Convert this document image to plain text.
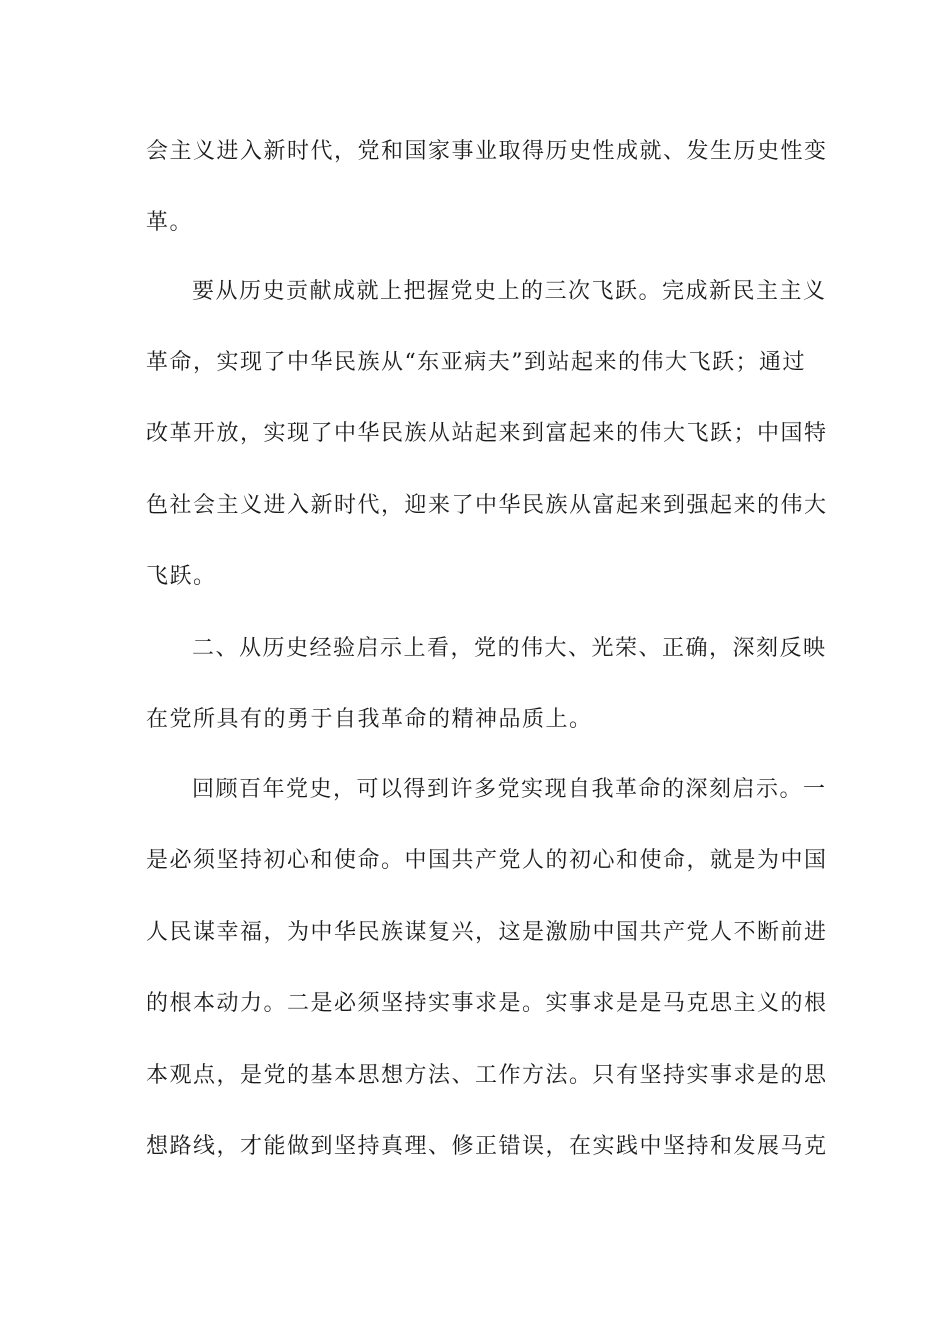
会主义进入新时代，党和国家事业取得历史性成就、发生历史性变
革。
要从历史贡献成就上把握党史上的三次飞跃。完成新民主主义
革命，实现了中华民族从“东亚病夫”到站起来的伟大飞跃；通过
改革开放，实现了中华民族从站起来到富起来的伟大飞跃；中国特
色社会主义进入新时代，迎来了中华民族从富起来到强起来的伟大
飞跃。
二、从历史经验启示上看，党的伟大、光荣、正确，深刻反映
在党所具有的勇于自我革命的精神品质上。
回顾百年党史，可以得到许多党实现自我革命的深刻启示。一
是必须坚持初心和使命。中国共产党人的初心和使命，就是为中国
人民谋幸福，为中华民族谋复兴，这是激励中国共产党人不断前进
的根本动力。二是必须坚持实事求是。实事求是是马克思主义的根
本观点，是党的基本思想方法、工作方法。只有坚持实事求是的思
想路线，才能做到坚持真理、修正错误，在实践中坚持和发展马克
